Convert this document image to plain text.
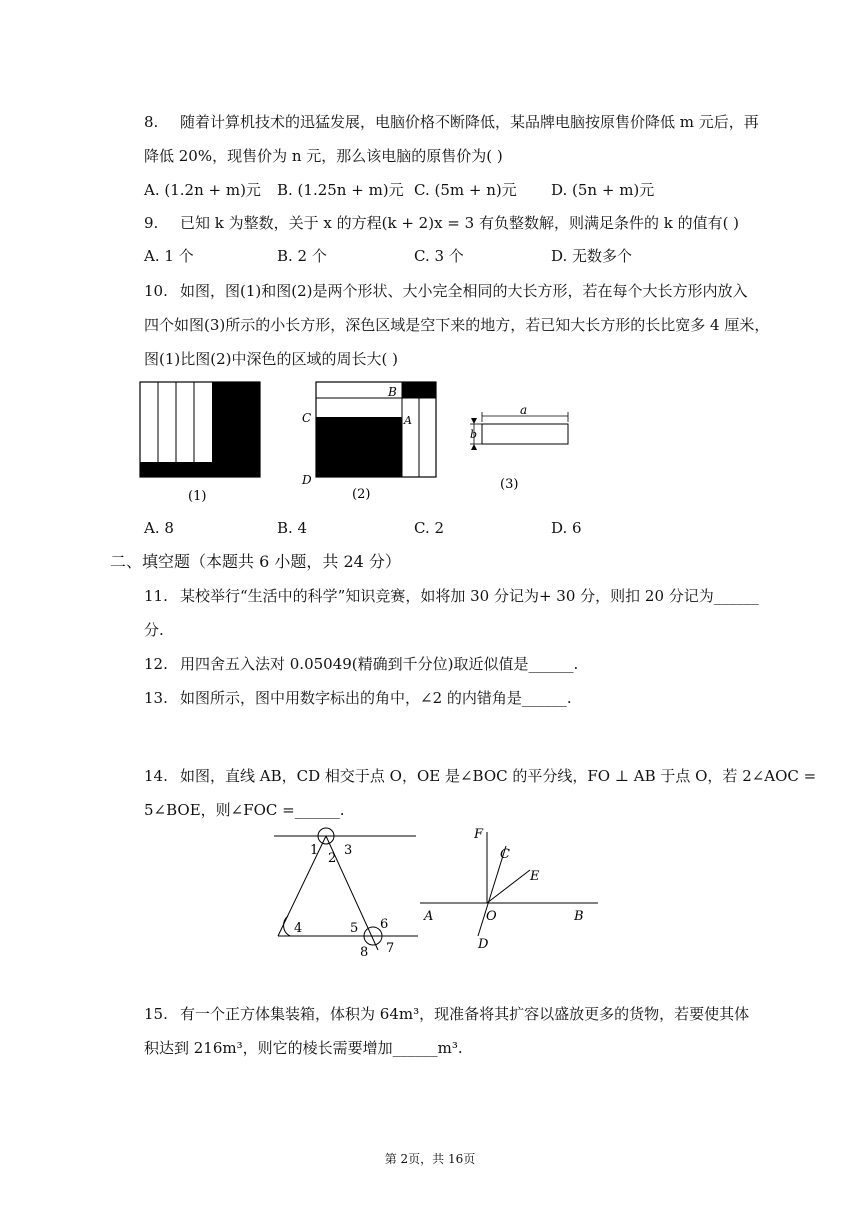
8. 随着计算机技术的迅猛发展，电脑价格不断降低，某品牌电脑按原售价降低 m 元后，再
降低 20%，现售价为 n 元，那么该电脑的原售价为( )
A. (1.2n + m)元 B. (1.25n + m)元 C. (5m + n)元 D. (5n + m)元
9. 已知 k 为整数，关于 x 的方程(k + 2)x = 3 有负整数解，则满足条件的 k 的值有( )
A. 1 个	B. 2 个	C. 3 个	D. 无数多个
10. 如图，图(1)和图(2)是两个形状、大小完全相同的大长方形，若在每个大长方形内放入
四个如图(3)所示的小长方形，深色区域是空下来的地方，若已知大长方形的长比宽多 4 厘米，
图(1)比图(2)中深色的区域的周长大( )
(1)
B
C	A
D
(2)
a
b
(3)
A. 8	B. 4	C. 2	D. 6
二、填空题（本题共 6 小题，共 24 分）
11. 某校举行“生活中的科学”知识竞赛，如将加 30 分记为+ 30 分，则扣 20 分记为______
分.
12. 用四舍五入法对 0.05049(精确到千分位)取近似值是______.
13. 如图所示，图中用数字标出的角中，∠2 的内错角是______.
14. 如图，直线 AB，CD 相交于点 O，OE 是∠BOC 的平分线，FO ⊥ AB 于点 O，若 2∠AOC =
5∠BOE，则∠FOC =______.
1
2
3
4	5 6
7
8
F
C
E
A	O	B
D
15. 有一个正方体集装箱，体积为 64m³，现准备将其扩容以盛放更多的货物，若要使其体
积达到 216m³，则它的棱长需要增加______m³.
第 2页，共 16页
